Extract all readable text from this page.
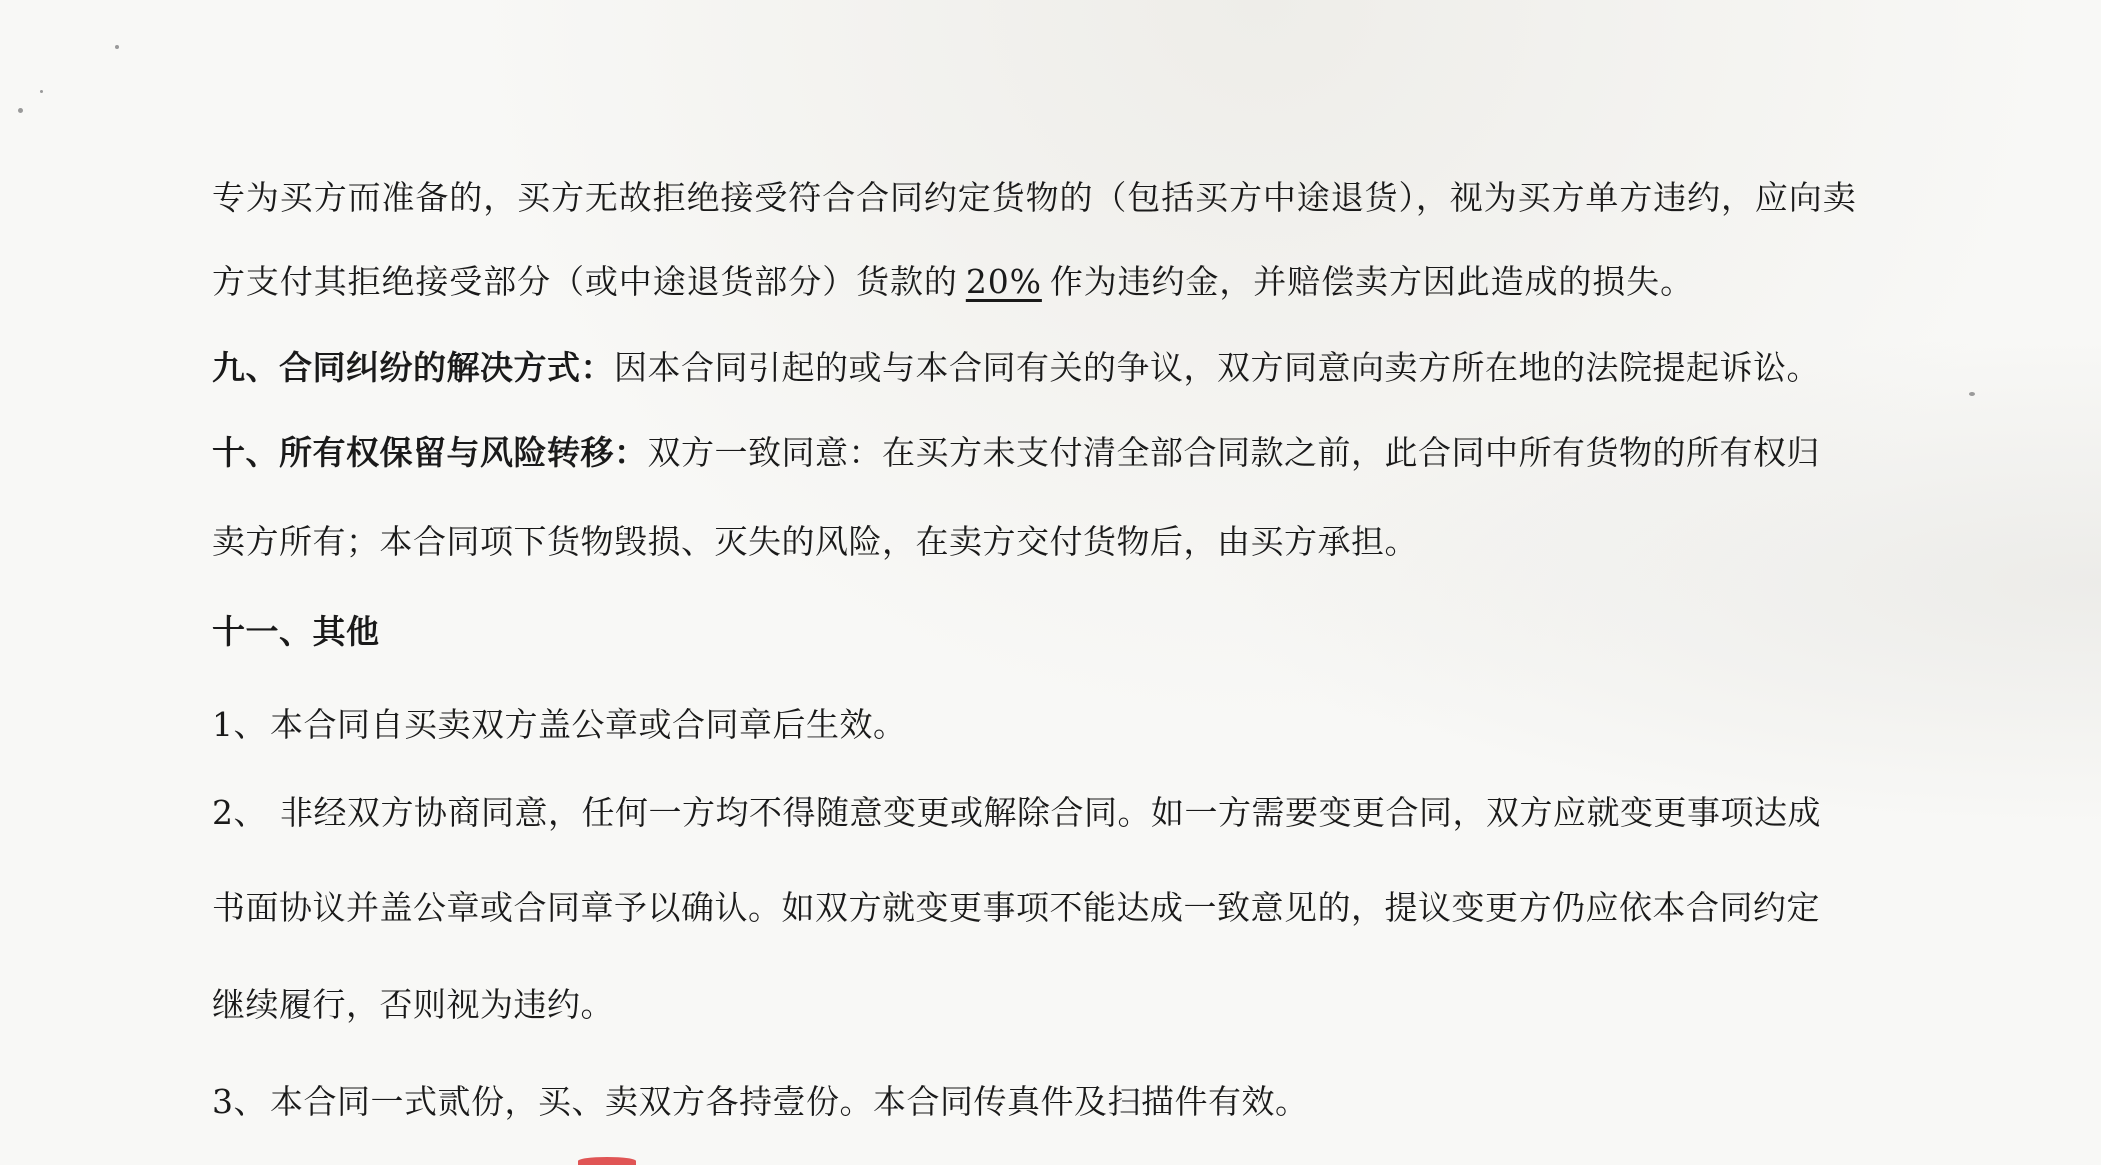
专为买方而准备的，买方无故拒绝接受符合合同约定货物的（包括买方中途退货），视为买方单方违约，应向卖
方支付其拒绝接受部分（或中途退货部分）货款的 20% 作为违约金，并赔偿卖方因此造成的损失。
九、合同纠纷的解决方式：因本合同引起的或与本合同有关的争议，双方同意向卖方所在地的法院提起诉讼。
十、所有权保留与风险转移：双方一致同意：在买方未支付清全部合同款之前，此合同中所有货物的所有权归
卖方所有；本合同项下货物毁损、灭失的风险，在卖方交付货物后，由买方承担。
十一、其他
1、本合同自买卖双方盖公章或合同章后生效。
2、 非经双方协商同意，任何一方均不得随意变更或解除合同。如一方需要变更合同，双方应就变更事项达成
书面协议并盖公章或合同章予以确认。如双方就变更事项不能达成一致意见的，提议变更方仍应依本合同约定
继续履行，否则视为违约。
3、本合同一式贰份，买、卖双方各持壹份。本合同传真件及扫描件有效。
